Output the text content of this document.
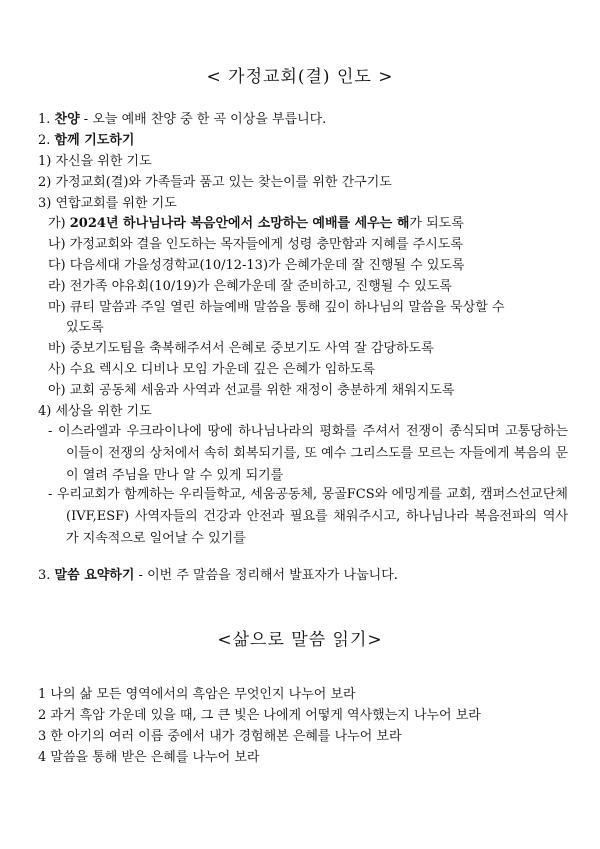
< 가정교회(결) 인도 >

1. 찬양 - 오늘 예배 찬양 중 한 곡 이상을 부릅니다.

2. 함께 기도하기

1) 자신을 위한 기도

2) 가정교회(결)와 가족들과 품고 있는 찾는이를 위한 간구기도

3) 연합교회를 위한 기도

가) 2024년 하나님나라 복음안에서 소망하는 예배를 세우는 해가 되도록

나) 가정교회와 결을 인도하는 목자들에게 성령 충만함과 지혜를 주시도록

다) 다음세대 가을성경학교(10/12-13)가 은혜가운데 잘 진행될 수 있도록

라) 전가족 야유회(10/19)가 은혜가운데 잘 준비하고, 진행될 수 있도록

마) 큐티 말씀과 주일 열린 하늘예배 말씀을 통해 깊이 하나님의 말씀을 묵상할 수

있도록

바) 중보기도팀을 축복해주셔서 은혜로 중보기도 사역 잘 감당하도록

사) 수요 렉시오 디비나 모임 가운데 깊은 은혜가 임하도록

아) 교회 공동체 세움과 사역과 선교를 위한 재정이 충분하게 채워지도록

4) 세상을 위한 기도

- 이스라엘과 우크라이나에 땅에 하나님나라의 평화를 주셔서 전쟁이 종식되며 고통당하는 이들이 전쟁의 상처에서 속히 회복되기를, 또 예수 그리스도를 모르는 자들에게 복음의 문이 열려 주님을 만나 알 수 있게 되기를

- 우리교회가 함께하는 우리들학교, 세움공동체, 몽골FCS와 에밍게를 교회, 캠퍼스선교단체(IVF,ESF) 사역자들의 건강과 안전과 필요를 채워주시고, 하나님나라 복음전파의 역사가 지속적으로 일어날 수 있기를

3. 말씀 요약하기 - 이번 주 말씀을 정리해서 발표자가 나눕니다.

<삶으로 말씀 읽기>

1 나의 삶 모든 영역에서의 흑암은 무엇인지 나누어 보라

2 과거 흑암 가운데 있을 때, 그 큰 빛은 나에게 어떻게 역사했는지 나누어 보라

3 한 아기의 여러 이름 중에서 내가 경험해본 은혜를 나누어 보라

4 말씀을 통해 받은 은혜를 나누어 보라
